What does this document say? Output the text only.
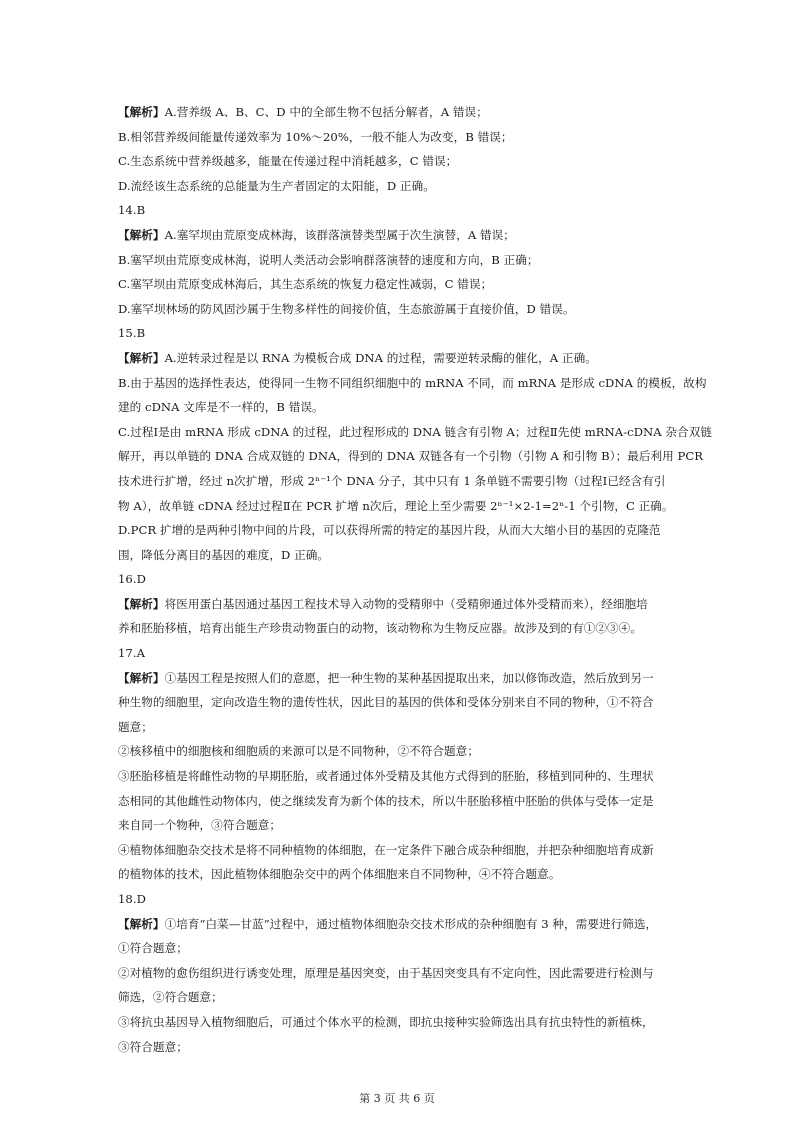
【解析】A.营养级 A、B、C、D 中的全部生物不包括分解者，A 错误；
B.相邻营养级间能量传递效率为 10%～20%，一般不能人为改变，B 错误；
C.生态系统中营养级越多，能量在传递过程中消耗越多，C 错误；
D.流经该生态系统的总能量为生产者固定的太阳能，D 正确。
14.B
【解析】A.塞罕坝由荒原变成林海，该群落演替类型属于次生演替，A 错误；
B.塞罕坝由荒原变成林海，说明人类活动会影响群落演替的速度和方向，B 正确；
C.塞罕坝由荒原变成林海后，其生态系统的恢复力稳定性减弱，C 错误；
D.塞罕坝林场的防风固沙属于生物多样性的间接价值，生态旅游属于直接价值，D 错误。
15.B
【解析】A.逆转录过程是以 RNA 为模板合成 DNA 的过程，需要逆转录酶的催化，A 正确。
B.由于基因的选择性表达，使得同一生物不同组织细胞中的 mRNA 不同，而 mRNA 是形成 cDNA 的模板，故构
建的 cDNA 文库是不一样的，B 错误。
C.过程Ⅰ是由 mRNA 形成 cDNA 的过程，此过程形成的 DNA 链含有引物 A；过程Ⅱ先使 mRNA-cDNA 杂合双链
解开，再以单链的 DNA 合成双链的 DNA，得到的 DNA 双链各有一个引物（引物 A 和引物 B）；最后利用 PCR
技术进行扩增，经过 n次扩增，形成 2ⁿ⁻¹个 DNA 分子，其中只有 1 条单链不需要引物（过程Ⅰ已经含有引
物 A），故单链 cDNA 经过过程Ⅱ在 PCR 扩增 n次后，理论上至少需要 2ⁿ⁻¹×2-1=2ⁿ-1 个引物，C 正确。
D.PCR 扩增的是两种引物中间的片段，可以获得所需的特定的基因片段，从而大大缩小目的基因的克隆范
围，降低分离目的基因的难度，D 正确。
16.D
【解析】将医用蛋白基因通过基因工程技术导入动物的受精卵中（受精卵通过体外受精而来），经细胞培
养和胚胎移植，培育出能生产珍贵动物蛋白的动物，该动物称为生物反应器。故涉及到的有①②③④。
17.A
【解析】①基因工程是按照人们的意愿，把一种生物的某种基因提取出来，加以修饰改造，然后放到另一
种生物的细胞里，定向改造生物的遗传性状，因此目的基因的供体和受体分别来自不同的物种，①不符合
题意；
②核移植中的细胞核和细胞质的来源可以是不同物种，②不符合题意；
③胚胎移植是将雌性动物的早期胚胎，或者通过体外受精及其他方式得到的胚胎，移植到同种的、生理状
态相同的其他雌性动物体内，使之继续发育为新个体的技术，所以牛胚胎移植中胚胎的供体与受体一定是
来自同一个物种，③符合题意；
④植物体细胞杂交技术是将不同种植物的体细胞，在一定条件下融合成杂种细胞，并把杂种细胞培育成新
的植物体的技术，因此植物体细胞杂交中的两个体细胞来自不同物种，④不符合题意。
18.D
【解析】①培育“白菜—甘蓝”过程中，通过植物体细胞杂交技术形成的杂种细胞有 3 种，需要进行筛选，
①符合题意；
②对植物的愈伤组织进行诱变处理，原理是基因突变，由于基因突变具有不定向性，因此需要进行检测与
筛选，②符合题意；
③将抗虫基因导入植物细胞后，可通过个体水平的检测，即抗虫接种实验筛选出具有抗虫特性的新植株，
③符合题意；
第 3 页 共 6 页
